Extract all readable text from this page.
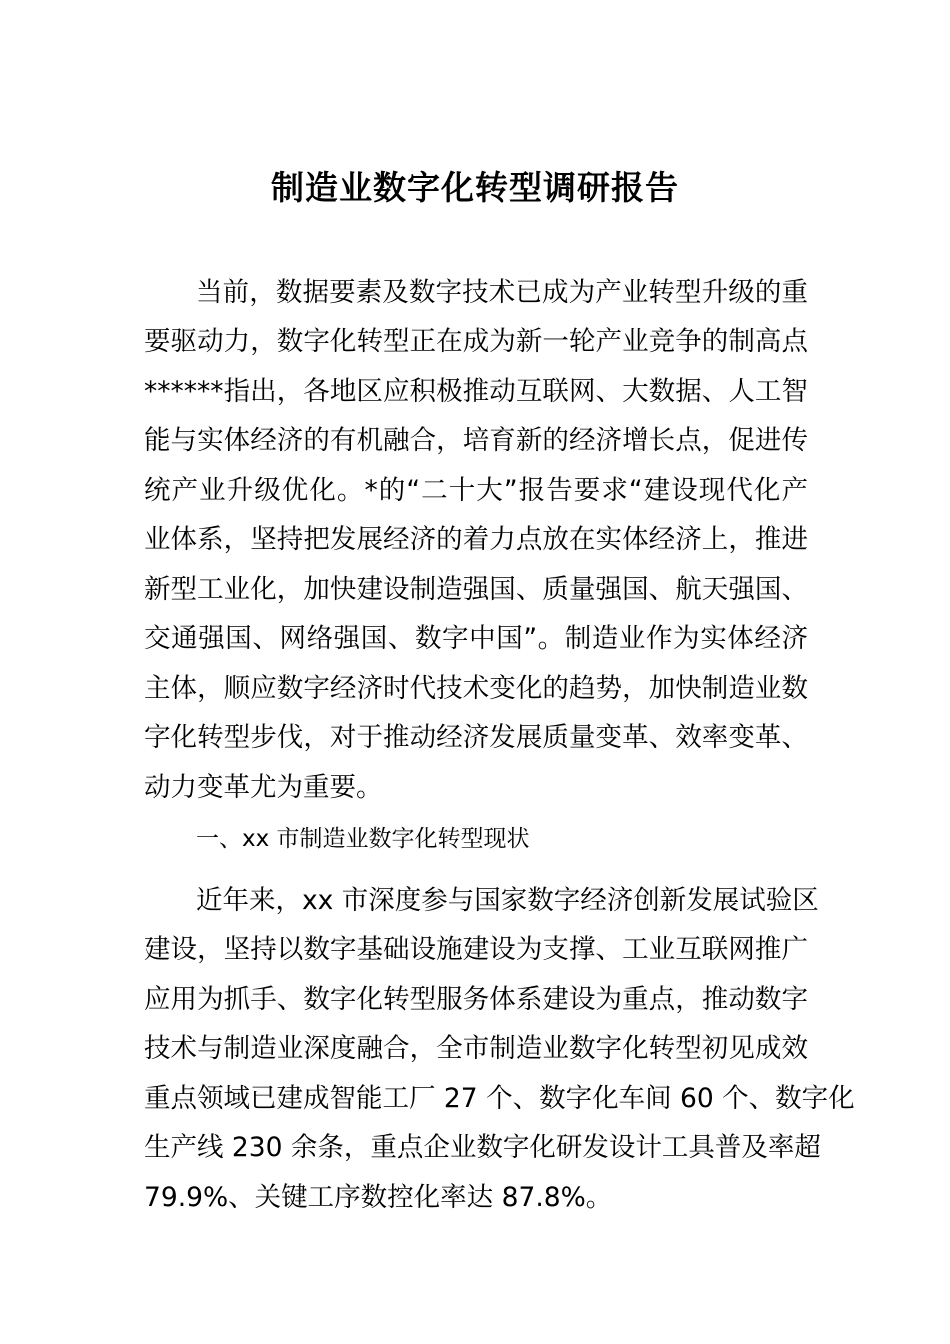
制造业数字化转型调研报告
当前，数据要素及数字技术已成为产业转型升级的重
要驱动力，数字化转型正在成为新一轮产业竞争的制高点
******指出，各地区应积极推动互联网、大数据、人工智
能与实体经济的有机融合，培育新的经济增长点，促进传
统产业升级优化。*的“二十大”报告要求“建设现代化产
业体系，坚持把发展经济的着力点放在实体经济上，推进
新型工业化，加快建设制造强国、质量强国、航天强国、
交通强国、网络强国、数字中国”。制造业作为实体经济
主体，顺应数字经济时代技术变化的趋势，加快制造业数
字化转型步伐，对于推动经济发展质量变革、效率变革、
动力变革尤为重要。
一、xx 市制造业数字化转型现状
近年来，xx 市深度参与国家数字经济创新发展试验区
建设，坚持以数字基础设施建设为支撑、工业互联网推广
应用为抓手、数字化转型服务体系建设为重点，推动数字
技术与制造业深度融合，全市制造业数字化转型初见成效
重点领域已建成智能工厂 27 个、数字化车间 60 个、数字化
生产线 230 余条，重点企业数字化研发设计工具普及率超
79.9%、关键工序数控化率达 87.8%。
